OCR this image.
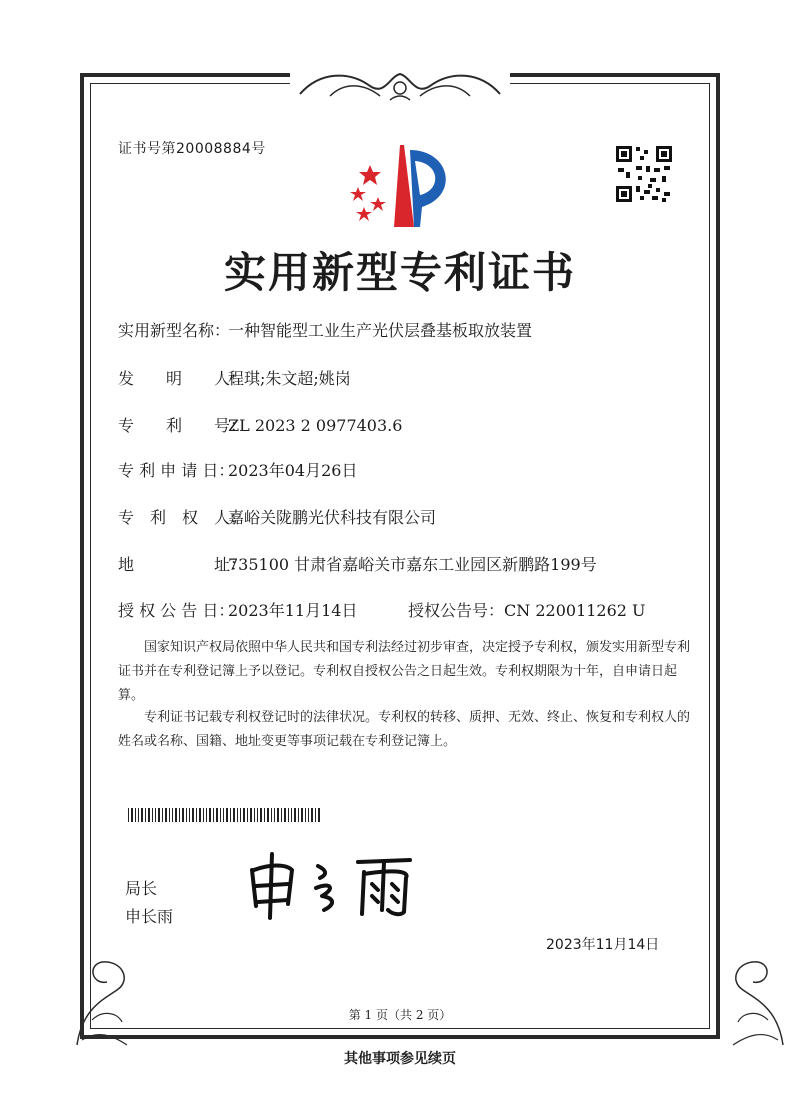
证书号第20008884号
实用新型专利证书
实用新型名称：一种智能型工业生产光伏层叠基板取放装置
发　　明　　人：程琪;朱文超;姚岗
专　　利　　号：ZL 2023 2 0977403.6
专 利 申 请 日：2023年04月26日
专　利　权　人：嘉峪关陇鹏光伏科技有限公司
地　　　　　址：735100 甘肃省嘉峪关市嘉东工业园区新鹏路199号
授 权 公 告 日：2023年11月14日	授权公告号：CN 220011262 U
国家知识产权局依照中华人民共和国专利法经过初步审查，决定授予专利权，颁发实用新型专利证书并在专利登记簿上予以登记。专利权自授权公告之日起生效。专利权期限为十年，自申请日起算。
专利证书记载专利权登记时的法律状况。专利权的转移、质押、无效、终止、恢复和专利权人的姓名或名称、国籍、地址变更等事项记载在专利登记簿上。
局长
申长雨
2023年11月14日
第 1 页（共 2 页）
其他事项参见续页
